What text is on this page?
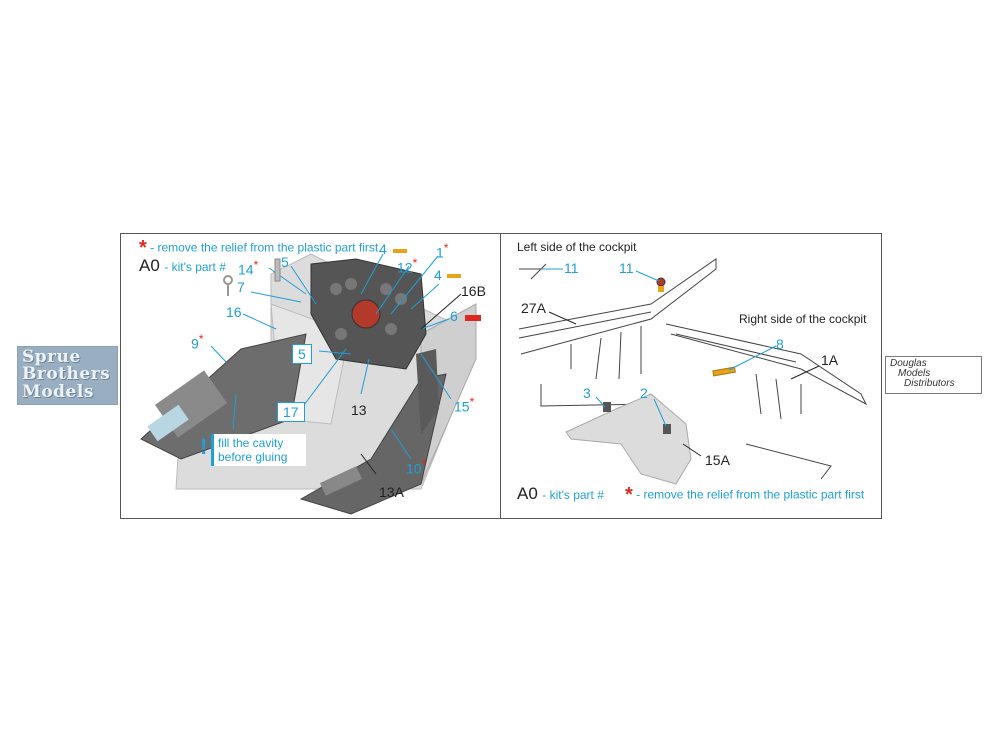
Sprue
Brothers
Models
* - remove the relief from the plastic part first
A0 - kit's part # 14* 5
7
16
9*
4
12*
1*
4
16B
6
5
17	13	15*
10*
13A
! fill the cavity
before gluing
Left side of the cockpit
Right side of the cockpit
11	11
27A
8
1A
3	2
15A
A0 - kit's part # * - remove the relief from the plastic part first
Douglas
Models
Distributors
